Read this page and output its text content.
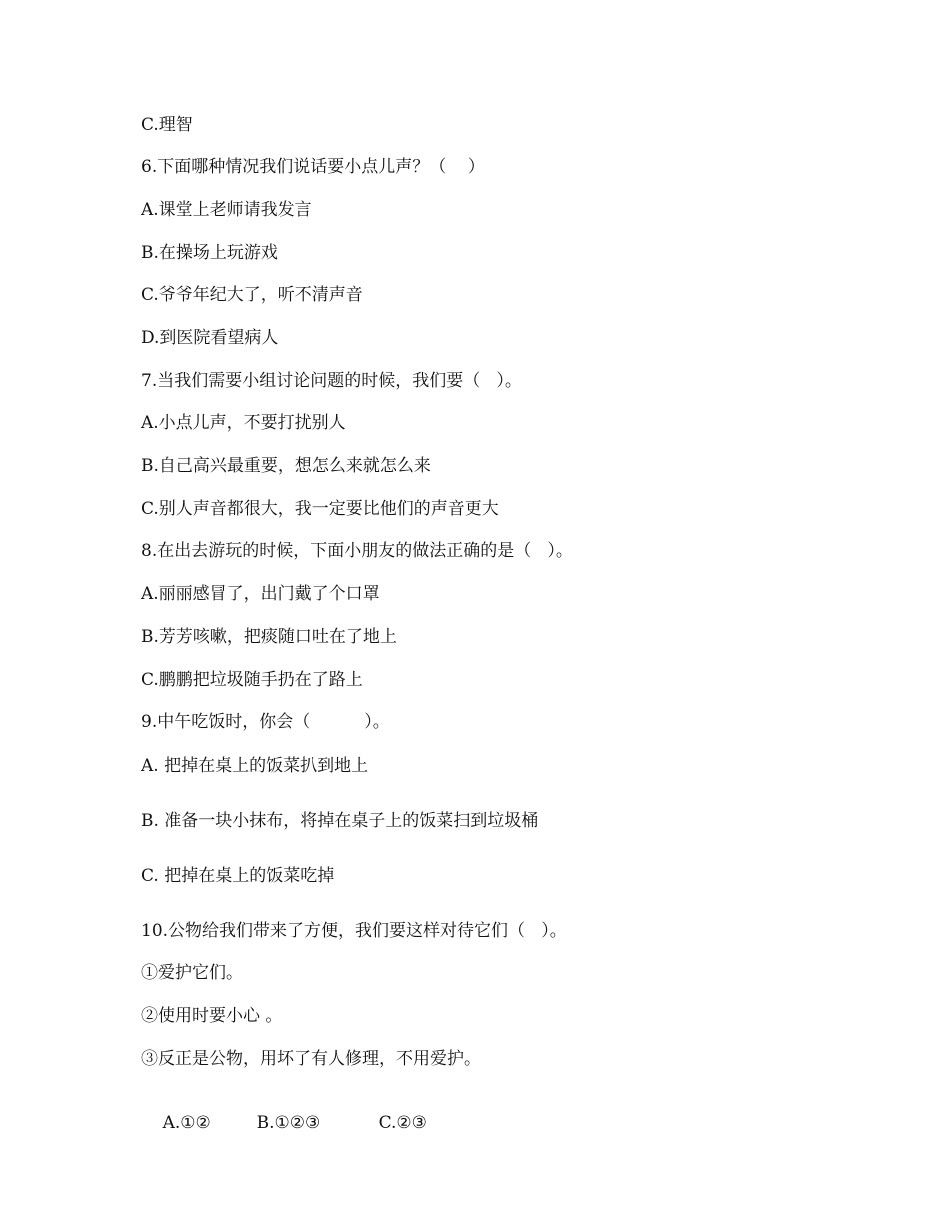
C.理智

6.下面哪种情况我们说话要小点儿声？（    ）

A.课堂上老师请我发言

B.在操场上玩游戏

C.爷爷年纪大了，听不清声音

D.到医院看望病人

7.当我们需要小组讨论问题的时候，我们要（   ）。

A.小点儿声，不要打扰别人

B.自己高兴最重要，想怎么来就怎么来

C.别人声音都很大，我一定要比他们的声音更大

8.在出去游玩的时候，下面小朋友的做法正确的是（   ）。

A.丽丽感冒了，出门戴了个口罩

B.芳芳咳嗽，把痰随口吐在了地上

C.鹏鹏把垃圾随手扔在了路上

9.中午吃饭时，你会（          ）。

A. 把掉在桌上的饭菜扒到地上

B. 准备一块小抹布，将掉在桌子上的饭菜扫到垃圾桶

C. 把掉在桌上的饭菜吃掉

10.公物给我们带来了方便，我们要这样对待它们（   ）。

①爱护它们。

②使用时要小心 。

③反正是公物，用坏了有人修理，不用爱护。

A.①②	B.①②③	C.②③
